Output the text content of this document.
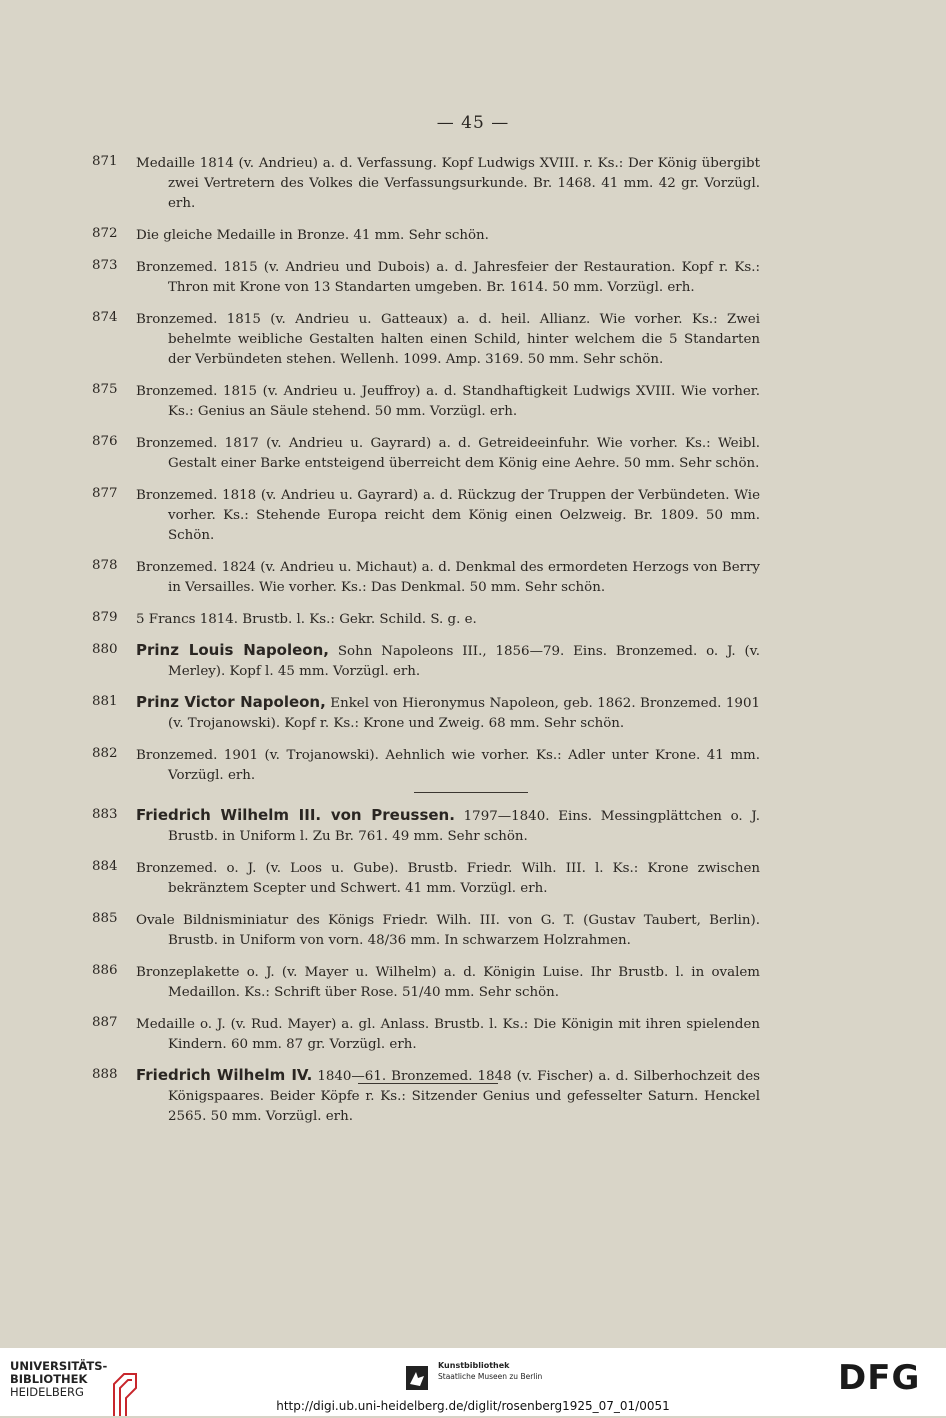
— 45 —
871	Medaille 1814 (v. Andrieu) a. d. Verfassung. Kopf Ludwigs XVIII. r. Ks.: Der König übergibt zwei Vertretern des Volkes die Verfassungsurkunde. Br. 1468. 41 mm. 42 gr. Vorzügl. erh.
872	Die gleiche Medaille in Bronze. 41 mm. Sehr schön.
873	Bronzemed. 1815 (v. Andrieu und Dubois) a. d. Jahresfeier der Restauration. Kopf r. Ks.: Thron mit Krone von 13 Standarten umgeben. Br. 1614. 50 mm. Vorzügl. erh.
874	Bronzemed. 1815 (v. Andrieu u. Gatteaux) a. d. heil. Allianz. Wie vorher. Ks.: Zwei behelmte weibliche Gestalten halten einen Schild, hinter welchem die 5 Standarten der Verbündeten stehen. Wellenh. 1099. Amp. 3169. 50 mm. Sehr schön.
875	Bronzemed. 1815 (v. Andrieu u. Jeuffroy) a. d. Standhaftigkeit Ludwigs XVIII. Wie vorher. Ks.: Genius an Säule stehend. 50 mm. Vorzügl. erh.
876	Bronzemed. 1817 (v. Andrieu u. Gayrard) a. d. Getreideeinfuhr. Wie vorher. Ks.: Weibl. Gestalt einer Barke entsteigend überreicht dem König eine Aehre. 50 mm. Sehr schön.
877	Bronzemed. 1818 (v. Andrieu u. Gayrard) a. d. Rückzug der Truppen der Verbündeten. Wie vorher. Ks.: Stehende Europa reicht dem König einen Oelzweig. Br. 1809. 50 mm. Schön.
878	Bronzemed. 1824 (v. Andrieu u. Michaut) a. d. Denkmal des ermordeten Herzogs von Berry in Versailles. Wie vorher. Ks.: Das Denkmal. 50 mm. Sehr schön.
879	5 Francs 1814. Brustb. l. Ks.: Gekr. Schild. S. g. e.
880	Prinz Louis Napoleon, Sohn Napoleons III., 1856—79. Eins. Bronzemed. o. J. (v. Merley). Kopf l. 45 mm. Vorzügl. erh.
881	Prinz Victor Napoleon, Enkel von Hieronymus Napoleon, geb. 1862. Bronzemed. 1901 (v. Trojanowski). Kopf r. Ks.: Krone und Zweig. 68 mm. Sehr schön.
882	Bronzemed. 1901 (v. Trojanowski). Aehnlich wie vorher. Ks.: Adler unter Krone. 41 mm. Vorzügl. erh.
883	Friedrich Wilhelm III. von Preussen. 1797—1840. Eins. Messingplättchen o. J. Brustb. in Uniform l. Zu Br. 761. 49 mm. Sehr schön.
884	Bronzemed. o. J. (v. Loos u. Gube). Brustb. Friedr. Wilh. III. l. Ks.: Krone zwischen bekränztem Scepter und Schwert. 41 mm. Vorzügl. erh.
885	Ovale Bildnisminiatur des Königs Friedr. Wilh. III. von G. T. (Gustav Taubert, Berlin). Brustb. in Uniform von vorn. 48/36 mm. In schwarzem Holzrahmen.
886	Bronzeplakette o. J. (v. Mayer u. Wilhelm) a. d. Königin Luise. Ihr Brustb. l. in ovalem Medaillon. Ks.: Schrift über Rose. 51/40 mm. Sehr schön.
887	Medaille o. J. (v. Rud. Mayer) a. gl. Anlass. Brustb. l. Ks.: Die Königin mit ihren spielenden Kindern. 60 mm. 87 gr. Vorzügl. erh.
888	Friedrich Wilhelm IV. 1840—61. Bronzemed. 1848 (v. Fischer) a. d. Silberhochzeit des Königspaares. Beider Köpfe r. Ks.: Sitzender Genius und gefesselter Saturn. Henckel 2565. 50 mm. Vorzügl. erh.
UNIVERSITÄTS-
BIBLIOTHEK
HEIDELBERG
Kunstbibliothek
Staatliche Museen zu Berlin	DFG
http://digi.ub.uni-heidelberg.de/diglit/rosenberg1925_07_01/0051
